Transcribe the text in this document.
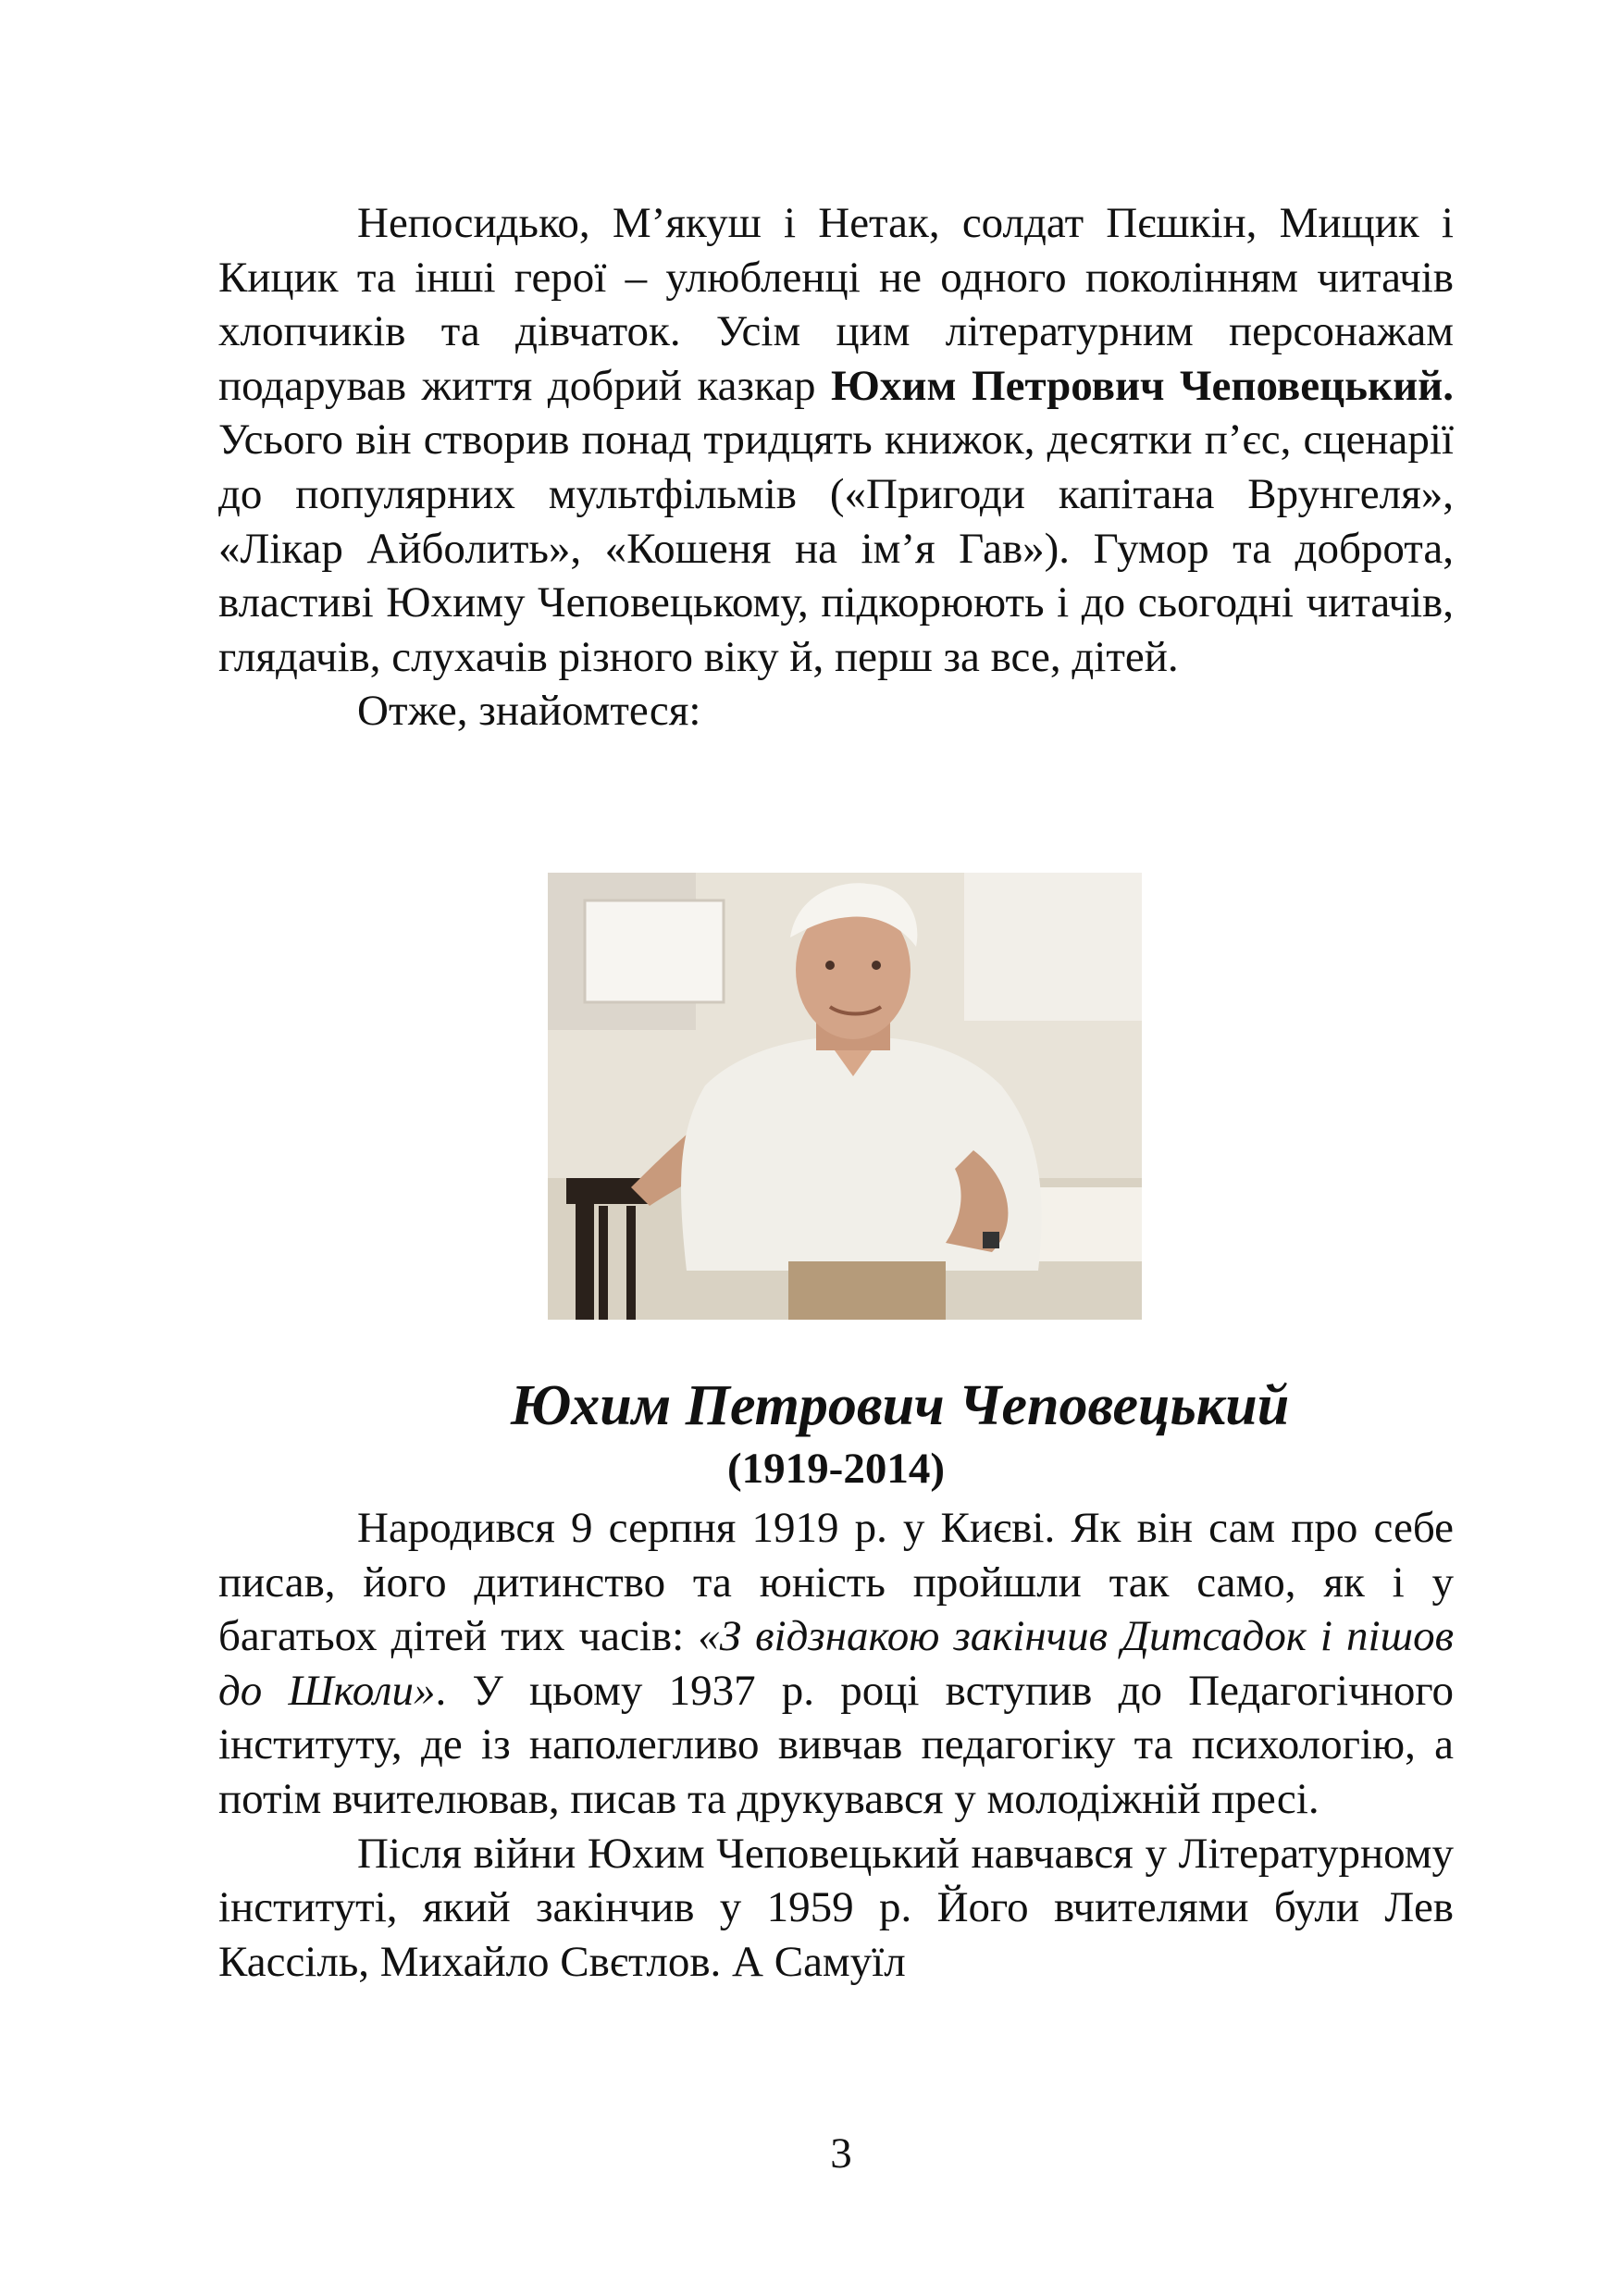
Непосидько, М’якуш і Нетак, солдат Пєшкін, Мищик і Кицик та інші герої – улюбленці не одного поколінням читачів хлопчиків та дівчаток. Усім цим літературним персонажам подарував життя добрий казкар Юхим Петрович Чеповецький. Усього він створив понад тридцять книжок, десятки п’єс, сценарії до популярних мультфільмів («Пригоди капітана Врунгеля», «Лікар Айболить», «Кошеня на ім’я Гав»). Гумор та доброта, властиві Юхиму Чеповецькому, підкорюють і до сьогодні читачів, глядачів, слухачів різного віку й, перш за все, дітей.

Отже, знайомтеся:

Юхим Петрович Чеповецький

(1919-2014)

Народився 9 серпня 1919 р. у Києві. Як він сам про себе писав, його дитинство та юність пройшли так само, як і у багатьох дітей тих часів: «З відзнакою закінчив Дитсадок і пішов до Школи». У цьому 1937 р. році вступив до Педагогічного інституту, де із наполегливо вивчав педагогіку та психологію, а потім вчителював, писав та друкувався у молодіжній пресі.

Після війни Юхим Чеповецький навчався у Літературному інституті, який закінчив у 1959 р. Його вчителями були Лев Кассіль, Михайло Свєтлов. А Самуїл

3
